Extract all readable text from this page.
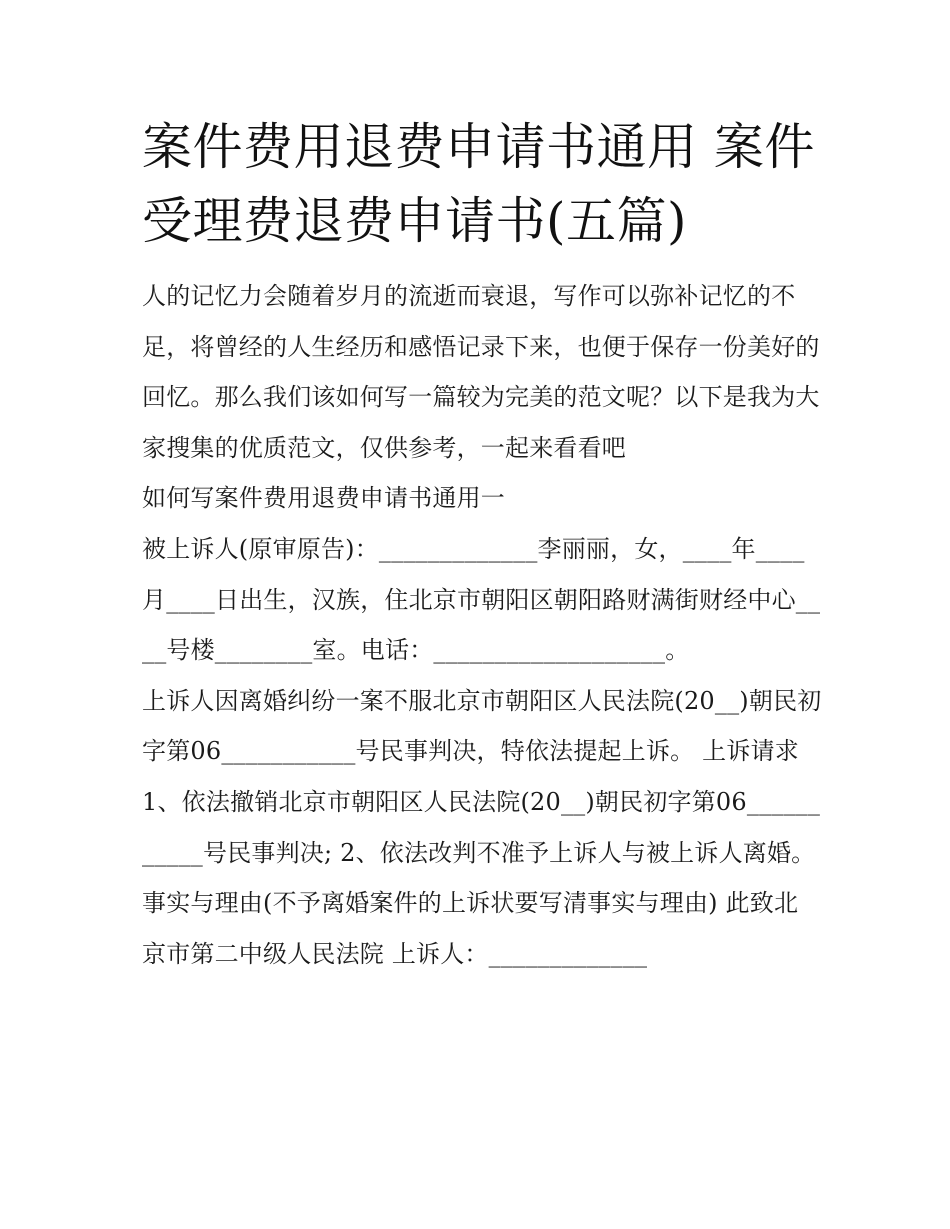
案件费用退费申请书通用 案件受理费退费申请书(五篇)

人的记忆力会随着岁月的流逝而衰退，写作可以弥补记忆的不足，将曾经的人生经历和感悟记录下来，也便于保存一份美好的回忆。那么我们该如何写一篇较为完美的范文呢？以下是我为大家搜集的优质范文，仅供参考，一起来看看吧

如何写案件费用退费申请书通用一

被上诉人(原审原告)：_____________李丽丽，女，____年____月____日出生，汉族，住北京市朝阳区朝阳路财满街财经中心____号楼________室。电话：___________________。

上诉人因离婚纠纷一案不服北京市朝阳区人民法院(20__)朝民初字第06___________号民事判决，特依法提起上诉。 上诉请求

1、依法撤销北京市朝阳区人民法院(20__)朝民初字第06___________号民事判决; 2、依法改判不准予上诉人与被上诉人离婚。

事实与理由(不予离婚案件的上诉状要写清事实与理由) 此致北京市第二中级人民法院 上诉人：_____________
